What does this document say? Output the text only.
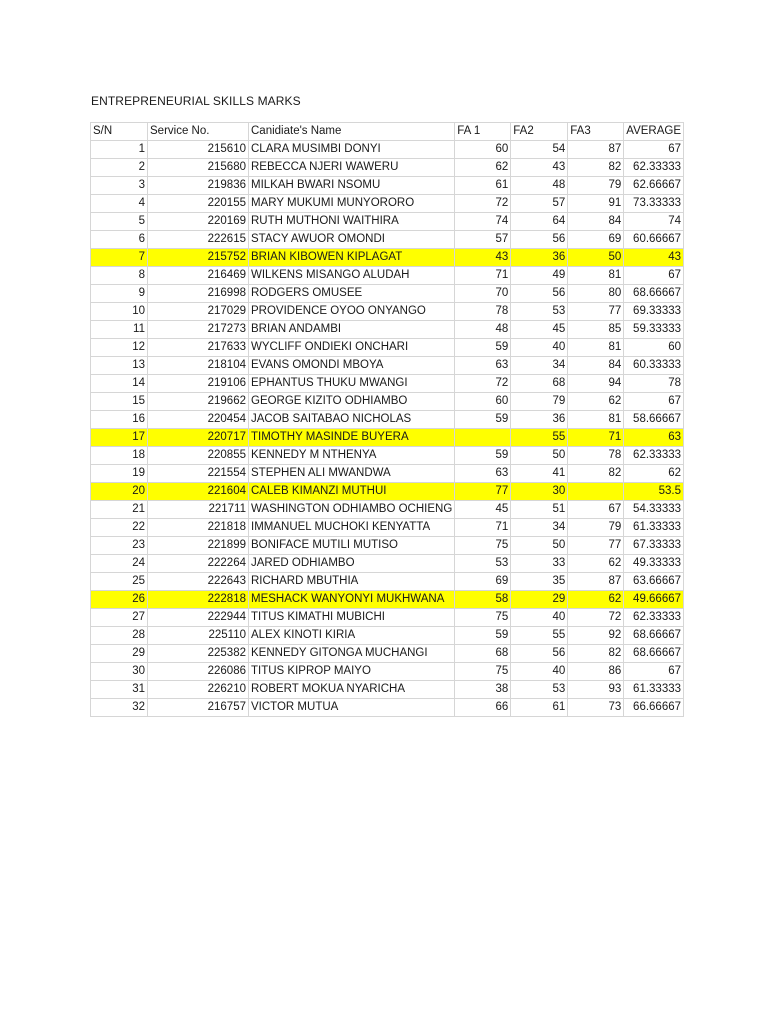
ENTREPRENEURIAL SKILLS MARKS
S/N	Service No.	Canidiate's Name	FA 1	FA2	FA3	AVERAGE
1	215610	CLARA MUSIMBI DONYI	60	54	87	67
2	215680	REBECCA NJERI WAWERU	62	43	82	62.33333
3	219836	MILKAH BWARI NSOMU	61	48	79	62.66667
4	220155	MARY MUKUMI MUNYORORO	72	57	91	73.33333
5	220169	RUTH MUTHONI WAITHIRA	74	64	84	74
6	222615	STACY AWUOR OMONDI	57	56	69	60.66667
7	215752	BRIAN KIBOWEN KIPLAGAT	43	36	50	43
8	216469	WILKENS MISANGO ALUDAH	71	49	81	67
9	216998	RODGERS OMUSEE	70	56	80	68.66667
10	217029	PROVIDENCE OYOO ONYANGO	78	53	77	69.33333
11	217273	BRIAN ANDAMBI	48	45	85	59.33333
12	217633	WYCLIFF ONDIEKI ONCHARI	59	40	81	60
13	218104	EVANS OMONDI MBOYA	63	34	84	60.33333
14	219106	EPHANTUS THUKU MWANGI	72	68	94	78
15	219662	GEORGE KIZITO ODHIAMBO	60	79	62	67
16	220454	JACOB SAITABAO NICHOLAS	59	36	81	58.66667
17	220717	TIMOTHY MASINDE BUYERA		55	71	63
18	220855	KENNEDY M NTHENYA	59	50	78	62.33333
19	221554	STEPHEN ALI MWANDWA	63	41	82	62
20	221604	CALEB KIMANZI MUTHUI	77	30		53.5
21	221711	WASHINGTON ODHIAMBO OCHIENG	45	51	67	54.33333
22	221818	IMMANUEL MUCHOKI KENYATTA	71	34	79	61.33333
23	221899	BONIFACE MUTILI MUTISO	75	50	77	67.33333
24	222264	JARED ODHIAMBO	53	33	62	49.33333
25	222643	RICHARD MBUTHIA	69	35	87	63.66667
26	222818	MESHACK WANYONYI MUKHWANA	58	29	62	49.66667
27	222944	TITUS KIMATHI MUBICHI	75	40	72	62.33333
28	225110	ALEX KINOTI KIRIA	59	55	92	68.66667
29	225382	KENNEDY GITONGA MUCHANGI	68	56	82	68.66667
30	226086	TITUS KIPROP MAIYO	75	40	86	67
31	226210	ROBERT MOKUA NYARICHA	38	53	93	61.33333
32	216757	VICTOR MUTUA	66	61	73	66.66667
